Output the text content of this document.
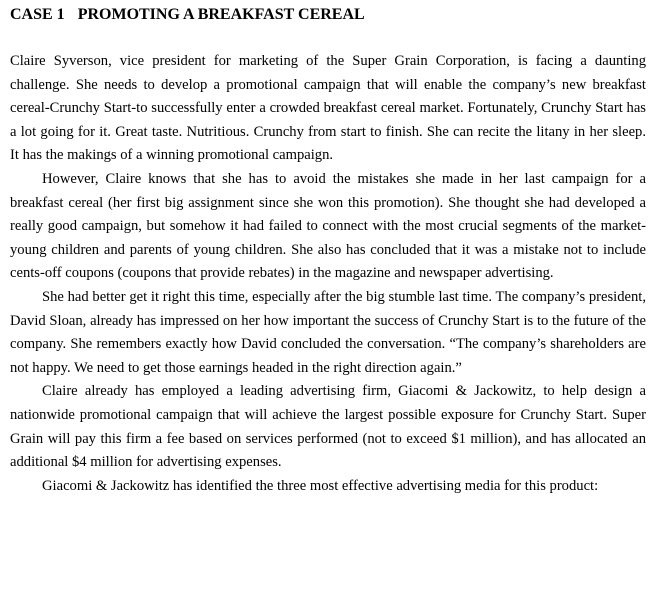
CASE 1 PROMOTING A BREAKFAST CEREAL

Claire Syverson, vice president for marketing of the Super Grain Corporation, is facing a daunting challenge. She needs to develop a promotional campaign that will enable the company’s new breakfast cereal-Crunchy Start-to successfully enter a crowded breakfast cereal market. Fortunately, Crunchy Start has a lot going for it. Great taste. Nutritious. Crunchy from start to finish. She can recite the litany in her sleep. It has the makings of a winning promotional campaign.

However, Claire knows that she has to avoid the mistakes she made in her last campaign for a breakfast cereal (her first big assignment since she won this promotion). She thought she had developed a really good campaign, but somehow it had failed to connect with the most crucial segments of the market-young children and parents of young children. She also has concluded that it was a mistake not to include cents-off coupons (coupons that provide rebates) in the magazine and newspaper advertising.

She had better get it right this time, especially after the big stumble last time. The company’s president, David Sloan, already has impressed on her how important the success of Crunchy Start is to the future of the company. She remembers exactly how David concluded the conversation. “The company’s shareholders are not happy. We need to get those earnings headed in the right direction again.”

Claire already has employed a leading advertising firm, Giacomi & Jackowitz, to help design a nationwide promotional campaign that will achieve the largest possible exposure for Crunchy Start. Super Grain will pay this firm a fee based on services performed (not to exceed $1 million), and has allocated an additional $4 million for advertising expenses.

Giacomi & Jackowitz has identified the three most effective advertising media for this product:
